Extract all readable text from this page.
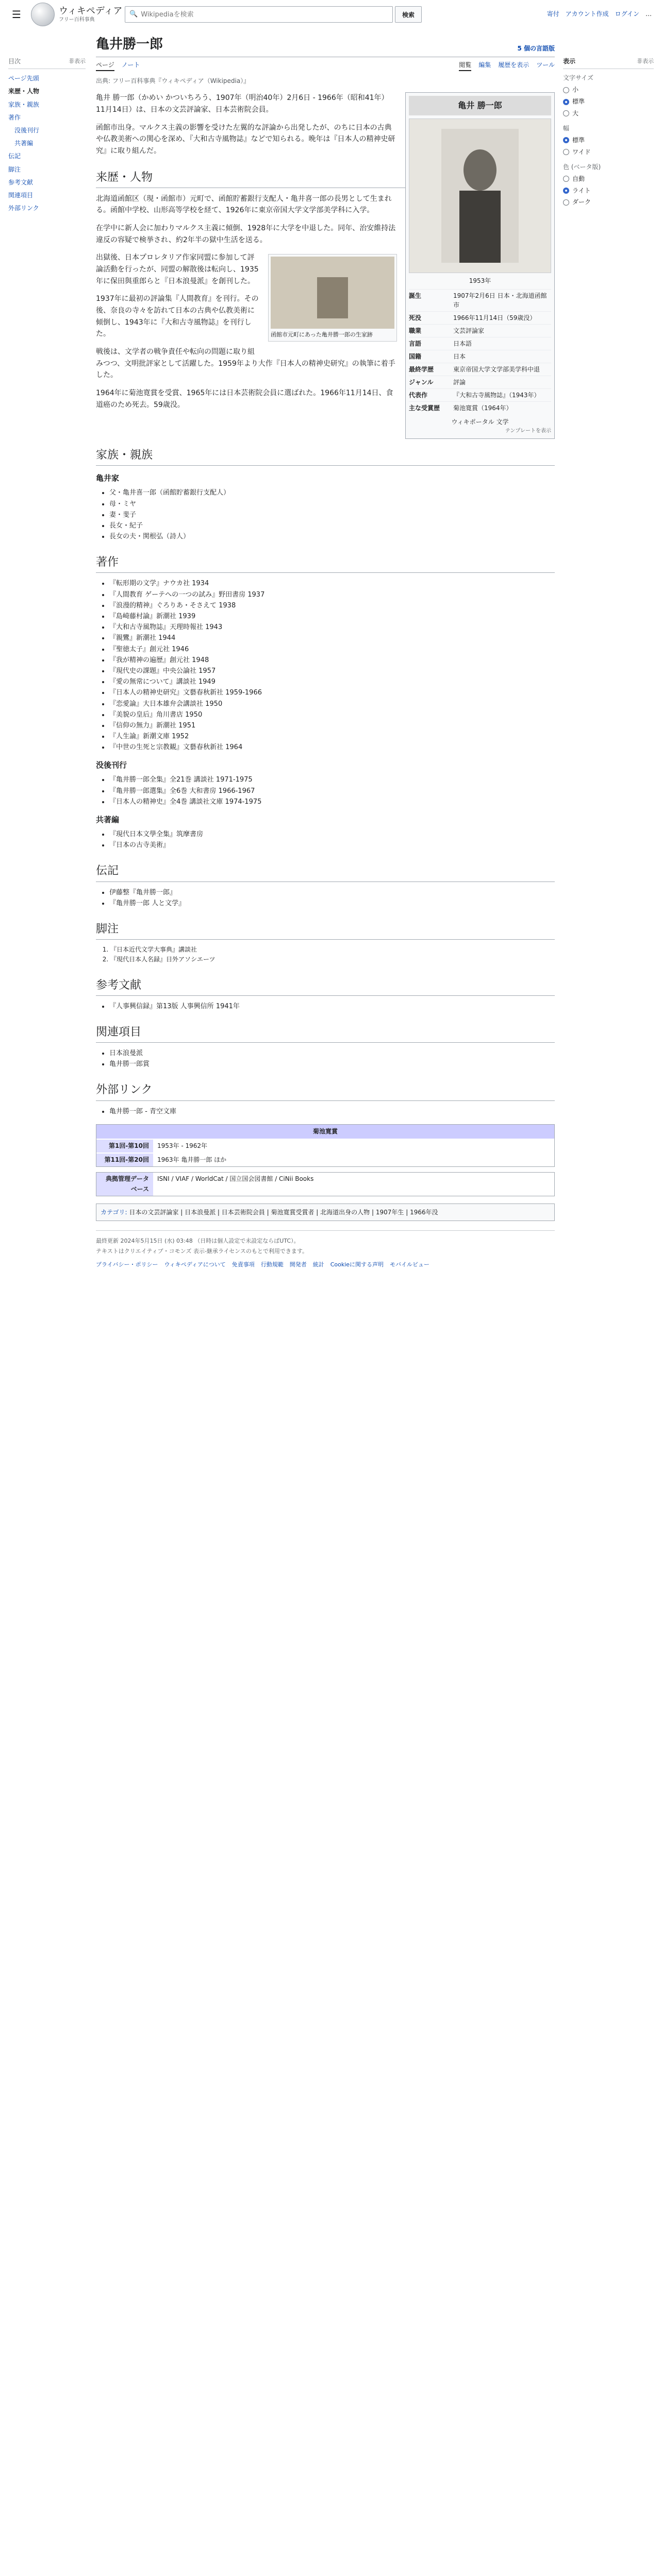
☰	ウィキペディア
フリー百科事典
🔍
Wikipediaを検索	検索	寄付 アカウント作成 ログイン …
目次	非表示
ページ先頭
来歴・人物
家族・親族
著作
没後刊行
共著編
伝記
脚注
参考文献
関連項目
外部リンク
亀井勝一郎	5 個の言語版
ページ ノート	閲覧 編集 履歴を表示 ツール
出典: フリー百科事典『ウィキペディア（Wikipedia）』
亀井 勝一郎
1953年
誕生	1907年2月6日 日本・北海道函館市
死没	1966年11月14日（59歳没）
職業	文芸評論家
言語	日本語
国籍	日本
最終学歴	東京帝国大学文学部美学科中退
ジャンル	評論
代表作	『大和古寺風物誌』（1943年）
主な受賞歴	菊池寛賞（1964年）
ウィキポータル 文学
テンプレートを表示

亀井 勝一郎（かめい かついちろう、1907年（明治40年）2月6日 - 1966年（昭和41年）11月14日）は、日本の文芸評論家、日本芸術院会員。

函館市出身。マルクス主義の影響を受けた左翼的な評論から出発したが、のちに日本の古典や仏教美術への関心を深め、『大和古寺風物誌』などで知られる。晩年は『日本人の精神史研究』に取り組んだ。

来歴・人物

北海道函館区（現・函館市）元町で、函館貯蓄銀行支配人・亀井喜一郎の長男として生まれる。函館中学校、山形高等学校を経て、1926年に東京帝国大学文学部美学科に入学。

在学中に新人会に加わりマルクス主義に傾倒、1928年に大学を中退した。同年、治安維持法違反の容疑で検挙され、約2年半の獄中生活を送る。

函館市元町にあった亀井勝一郎の生家跡

出獄後、日本プロレタリア作家同盟に参加して評論活動を行ったが、同盟の解散後は転向し、1935年に保田與重郎らと『日本浪曼派』を創刊した。

1937年に最初の評論集『人間教育』を刊行。その後、奈良の寺々を訪れて日本の古典や仏教美術に傾倒し、1943年に『大和古寺風物誌』を刊行した。

戦後は、文学者の戦争責任や転向の問題に取り組みつつ、文明批評家として活躍した。1959年より大作『日本人の精神史研究』の執筆に着手した。

1964年に菊池寛賞を受賞、1965年には日本芸術院会員に選ばれた。1966年11月14日、食道癌のため死去。59歳没。

家族・親族
亀井家
• 父・亀井喜一郎（函館貯蓄銀行支配人）
• 母・ミヤ
• 妻・斐子
• 長女・紀子
• 長女の夫・関根弘（詩人）
著作
• 『転形期の文学』ナウカ社 1934
• 『人間教育 ゲーテへの一つの試み』野田書房 1937
• 『浪漫的精神』ぐろりあ・そさえて 1938
• 『島崎藤村論』新潮社 1939
• 『大和古寺風物誌』天理時報社 1943
• 『親鸞』新潮社 1944
• 『聖徳太子』創元社 1946
• 『我が精神の遍歴』創元社 1948
• 『現代史の課題』中央公論社 1957
• 『愛の無常について』講談社 1949
• 『日本人の精神史研究』文藝春秋新社 1959-1966
• 『恋愛論』大日本雄弁会講談社 1950
• 『美貌の皇后』角川書店 1950
• 『信仰の無力』新潮社 1951
• 『人生論』新潮文庫 1952
• 『中世の生死と宗教観』文藝春秋新社 1964
没後刊行
• 『亀井勝一郎全集』全21巻 講談社 1971-1975
• 『亀井勝一郎選集』全6巻 大和書房 1966-1967
• 『日本人の精神史』全4巻 講談社文庫 1974-1975
共著編
• 『現代日本文學全集』筑摩書房
• 『日本の古寺美術』
伝記
• 伊藤整『亀井勝一郎』
• 『亀井勝一郎 人と文学』
脚注
1. 『日本近代文学大事典』講談社
2. 『現代日本人名録』日外アソシエーツ
参考文献
• 『人事興信録』第13版 人事興信所 1941年
関連項目
• 日本浪曼派
• 亀井勝一郎賞
外部リンク
• 亀井勝一郎 - 青空文庫
菊池寛賞
第1回-第10回	1953年 - 1962年
第11回-第20回	1963年 亀井勝一郎 ほか
典拠管理データベース
ISNI / VIAF / WorldCat / 国立国会図書館 / CiNii Books
カテゴリ: 日本の文芸評論家 | 日本浪曼派 | 日本芸術院会員 | 菊池寛賞受賞者 | 北海道出身の人物 | 1907年生 | 1966年没
最終更新 2024年5月15日 (水) 03:48 （日時は個人設定で未設定ならばUTC）。
テキストはクリエイティブ・コモンズ 表示-継承ライセンスのもとで利用できます。
プライバシー・ポリシー ウィキペディアについて 免責事項 行動規範 開発者 統計 Cookieに関する声明 モバイルビュー
表示	非表示
文字サイズ
小
標準
大
幅
標準
ワイド
色 (ベータ版)
自動
ライト
ダーク
